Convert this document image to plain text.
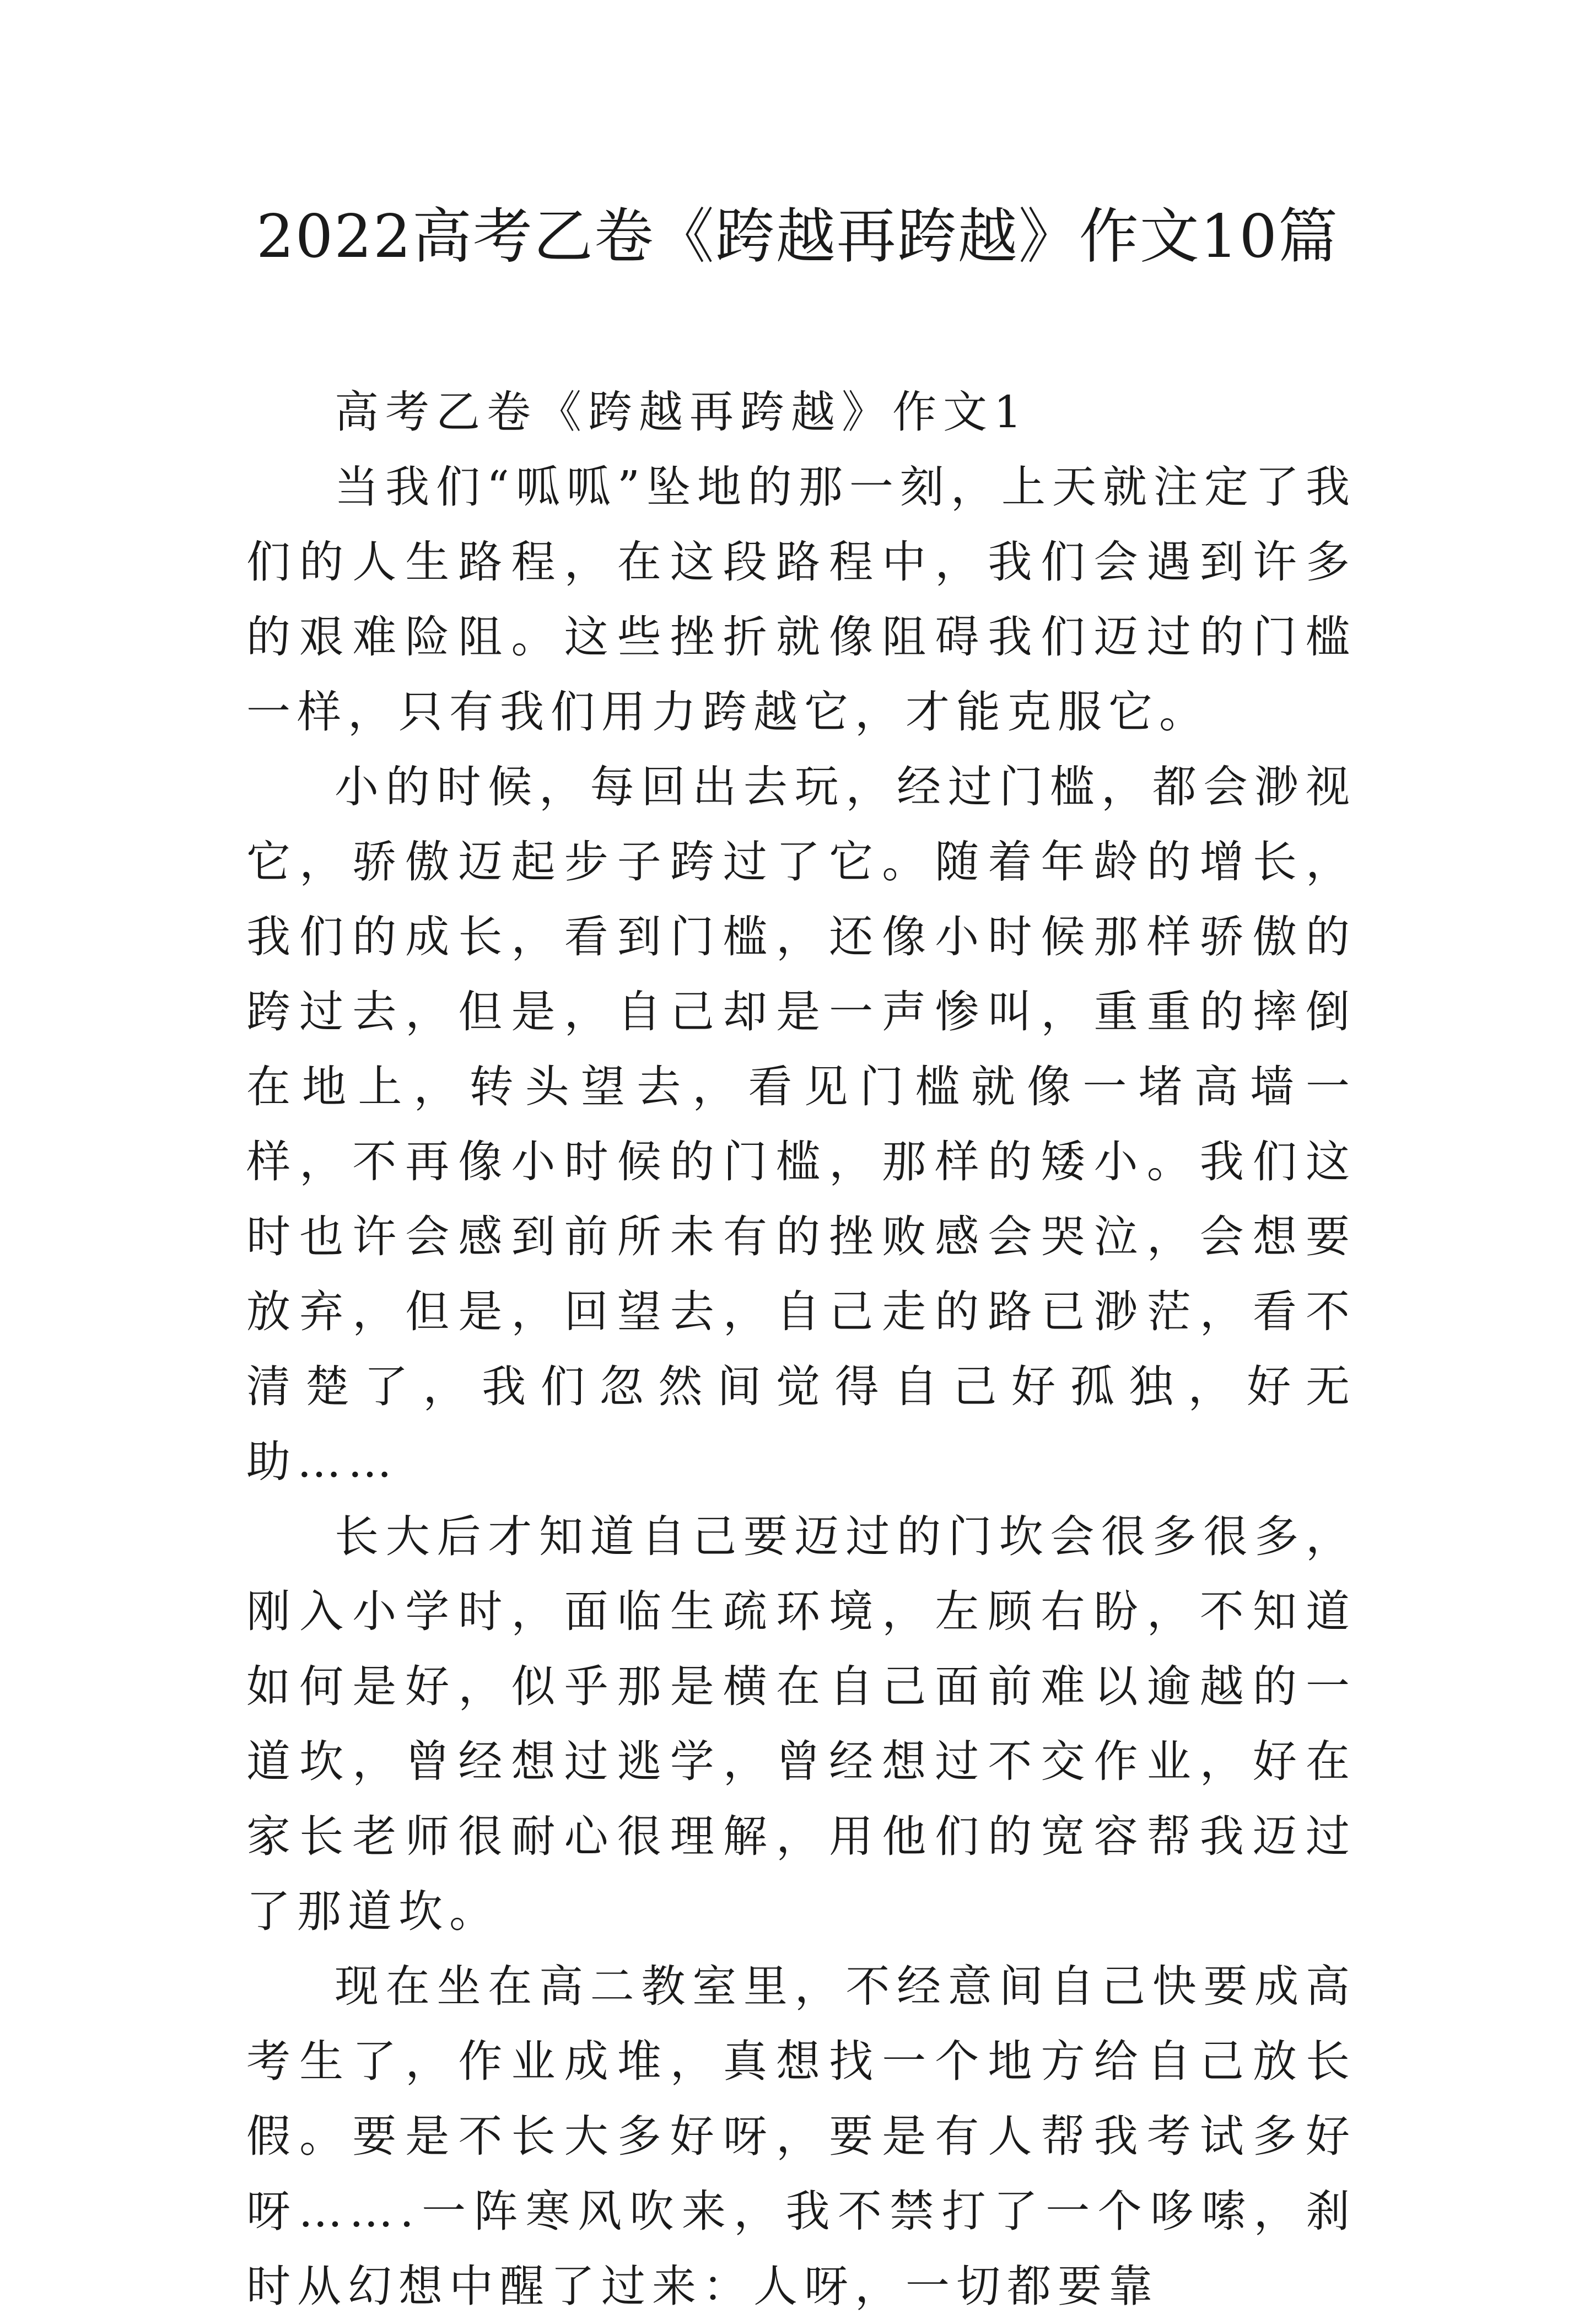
2022高考乙卷《跨越再跨越》作文10篇

高考乙卷《跨越再跨越》作文1

当我们“呱呱”坠地的那一刻，上天就注定了我们的人生路程，在这段路程中，我们会遇到许多的艰难险阻。这些挫折就像阻碍我们迈过的门槛一样，只有我们用力跨越它，才能克服它。

小的时候，每回出去玩，经过门槛，都会渺视它，骄傲迈起步子跨过了它。随着年龄的增长，我们的成长，看到门槛，还像小时候那样骄傲的跨过去，但是，自己却是一声惨叫，重重的摔倒在地上，转头望去，看见门槛就像一堵高墙一样，不再像小时候的门槛，那样的矮小。我们这时也许会感到前所未有的挫败感会哭泣，会想要放弃，但是，回望去，自己走的路已渺茫，看不清楚了，我们忽然间觉得自己好孤独，好无助……

长大后才知道自己要迈过的门坎会很多很多，刚入小学时，面临生疏环境，左顾右盼，不知道如何是好，似乎那是横在自己面前难以逾越的一道坎，曾经想过逃学，曾经想过不交作业，好在家长老师很耐心很理解，用他们的宽容帮我迈过了那道坎。

现在坐在高二教室里，不经意间自己快要成高考生了，作业成堆，真想找一个地方给自己放长假。要是不长大多好呀，要是有人帮我考试多好呀…….一阵寒风吹来，我不禁打了一个哆嗦，刹时从幻想中醒了过来：人呀，一切都要靠
